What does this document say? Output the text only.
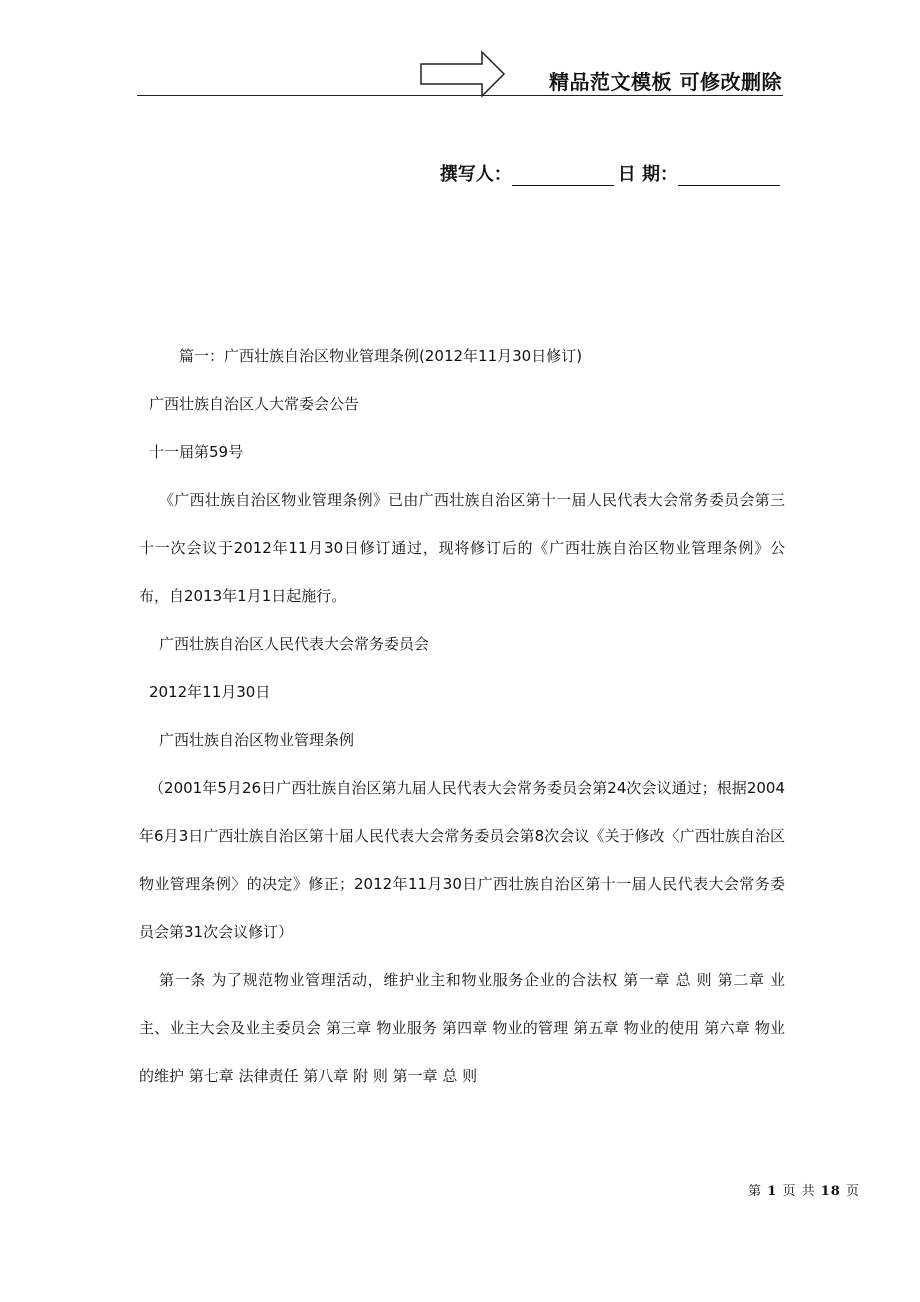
精品范文模板 可修改删除
撰写人：	日 期：

篇一：广西壮族自治区物业管理条例(2012年11月30日修订)

广西壮族自治区人大常委会公告

十一届第59号

《广西壮族自治区物业管理条例》已由广西壮族自治区第十一届人民代表大会常务委员会第三十一次会议于2012年11月30日修订通过，现将修订后的《广西壮族自治区物业管理条例》公布，自2013年1月1日起施行。

广西壮族自治区人民代表大会常务委员会

2012年11月30日

广西壮族自治区物业管理条例

（2001年5月26日广西壮族自治区第九届人民代表大会常务委员会第24次会议通过；根据2004年6月3日广西壮族自治区第十届人民代表大会常务委员会第8次会议《关于修改〈广西壮族自治区物业管理条例〉的决定》修正；2012年11月30日广西壮族自治区第十一届人民代表大会常务委员会第31次会议修订）

第一条 为了规范物业管理活动，维护业主和物业服务企业的合法权 第一章 总 则 第二章 业主、业主大会及业主委员会 第三章 物业服务 第四章 物业的管理 第五章 物业的使用 第六章 物业的维护 第七章 法律责任 第八章 附 则 第一章 总 则

第 1 页 共 18 页
